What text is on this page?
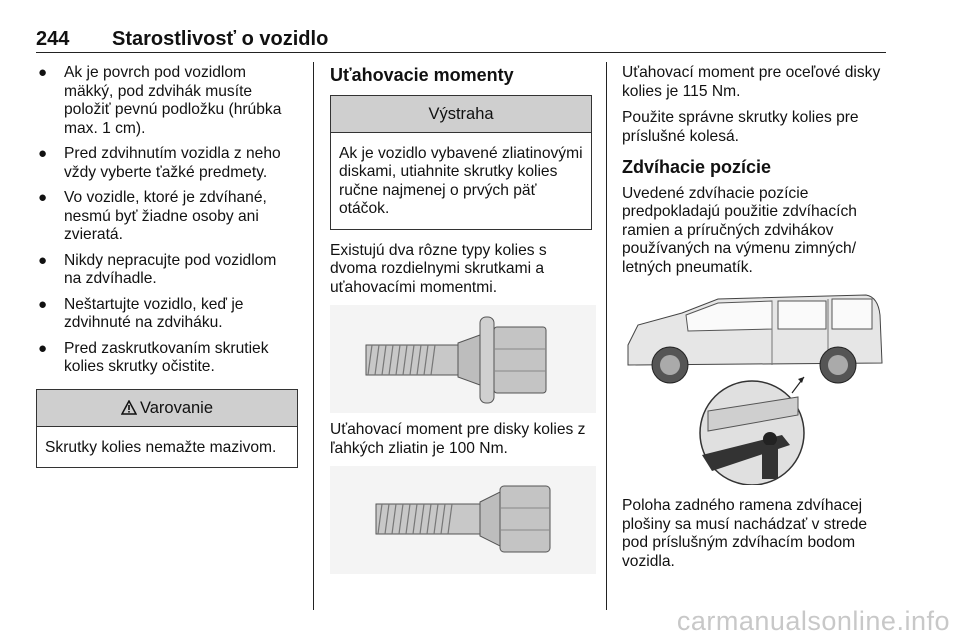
244 Starostlivosť o vozidlo
● Ak je povrch pod vozidlom mäkký, pod zdvihák musíte položiť pevnú podložku (hrúbka max. 1 cm).
● Pred zdvihnutím vozidla z neho vždy vyberte ťažké predmety.
● Vo vozidle, ktoré je zdvíhané, nesmú byť žiadne osoby ani zvieratá.
● Nikdy nepracujte pod vozidlom na zdvíhadle.
● Neštartujte vozidlo, keď je zdvihnuté na zdviháku.
● Pred zaskrutkovaním skrutiek kolies skrutky očistite.
Varovanie
Skrutky kolies nemažte mazivom.
Uťahovacie momenty
Výstraha
Ak je vozidlo vybavené zliatinovými diskami, utiahnite skrutky kolies ručne najmenej o prvých päť otáčok.

Existujú dva rôzne typy kolies s dvoma rozdielnymi skrutkami a uťahovacími momentmi.

Uťahovací moment pre disky kolies z ľahkých zliatin je 100 Nm.

Uťahovací moment pre oceľové disky kolies je 115 Nm.

Použite správne skrutky kolies pre príslušné kolesá.

Zdvíhacie pozície

Uvedené zdvíhacie pozície predpokladajú použitie zdvíhacích ramien a príručných zdvihákov používaných na výmenu zimných/ letných pneumatík.

Poloha zadného ramena zdvíhacej plošiny sa musí nachádzať v strede pod príslušným zdvíhacím bodom vozidla.

carmanualsonline.info
